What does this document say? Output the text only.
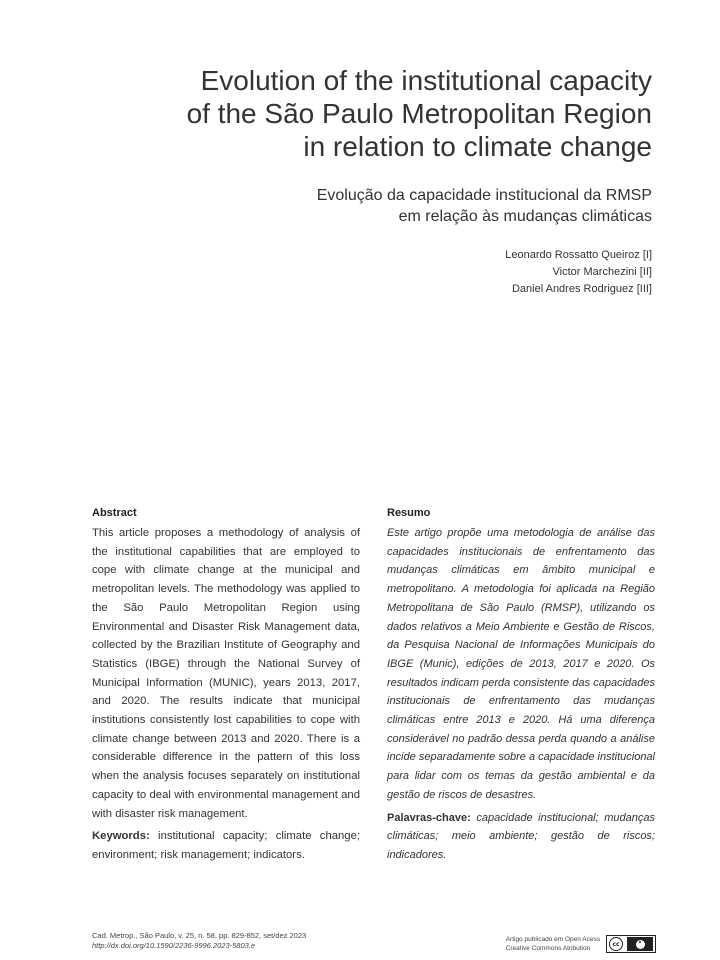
Evolution of the institutional capacity
of the São Paulo Metropolitan Region
in relation to climate change
Evolução da capacidade institucional da RMSP
em relação às mudanças climáticas
Leonardo Rossatto Queiroz [I]
Victor Marchezini [II]
Daniel Andres Rodriguez [III]
Abstract

This article proposes a methodology of analysis of the institutional capabilities that are employed to cope with climate change at the municipal and metropolitan levels. The methodology was applied to the São Paulo Metropolitan Region using Environmental and Disaster Risk Management data, collected by the Brazilian Institute of Geography and Statistics (IBGE) through the National Survey of Municipal Information (MUNIC), years 2013, 2017, and 2020. The results indicate that municipal institutions consistently lost capabilities to cope with climate change between 2013 and 2020. There is a considerable difference in the pattern of this loss when the analysis focuses separately on institutional capacity to deal with environmental management and with disaster risk management.

Keywords: institutional capacity; climate change; environment; risk management; indicators.

Resumo

Este artigo propõe uma metodologia de análise das capacidades institucionais de enfrentamento das mudanças climáticas em âmbito municipal e metropolitano. A metodologia foi aplicada na Região Metropolitana de São Paulo (RMSP), utilizando os dados relativos a Meio Ambiente e Gestão de Riscos, da Pesquisa Nacional de Informações Municipais do IBGE (Munic), edições de 2013, 2017 e 2020. Os resultados indicam perda consistente das capacidades institucionais de enfrentamento das mudanças climáticas entre 2013 e 2020. Há uma diferença considerável no padrão dessa perda quando a análise incide separadamente sobre a capacidade institucional para lidar com os temas da gestão ambiental e da gestão de riscos de desastres.

Palavras-chave: capacidade institucional; mudanças climáticas; meio ambiente; gestão de riscos; indicadores.

Cad. Metrop., São Paulo, v. 25, n. 58, pp. 829-852, set/dez 2023
http://dx.doi.org/10.1590/2236-9996.2023-5803.e
Artigo publicado em Open Acess
Creative Commons Atribution
cc
